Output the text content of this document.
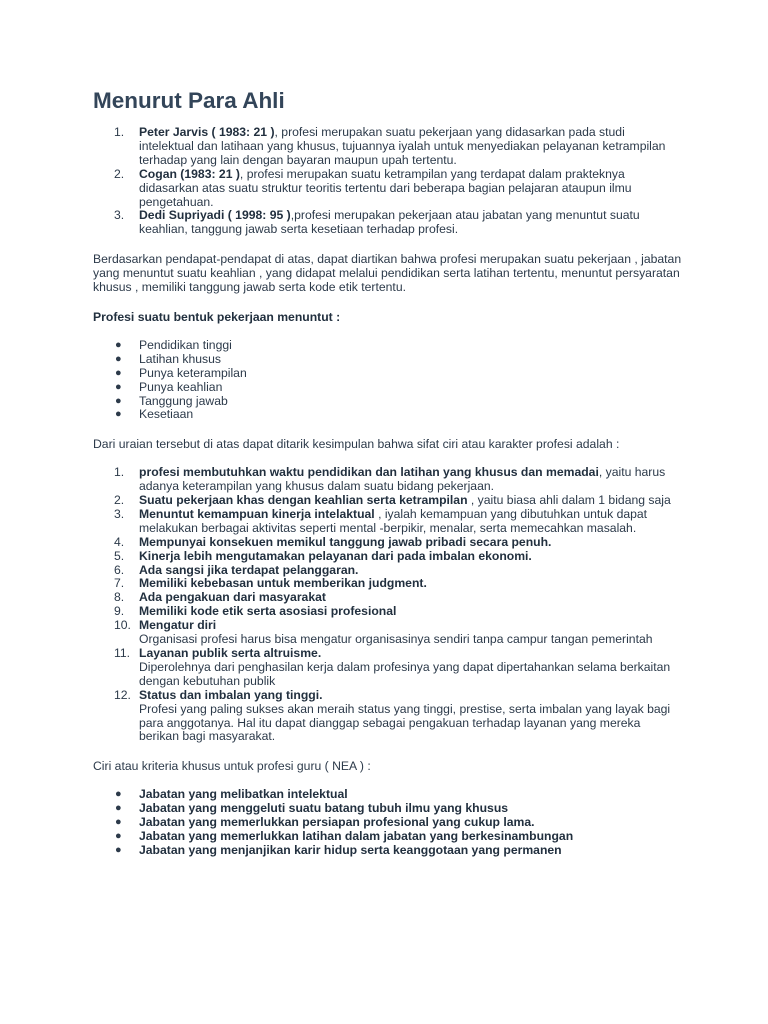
Menurut Para Ahli
1.	Peter Jarvis ( 1983: 21 ), profesi merupakan suatu pekerjaan yang didasarkan pada studi intelektual dan latihaan yang khusus, tujuannya iyalah untuk menyediakan pelayanan ketrampilan terhadap yang lain dengan bayaran maupun upah tertentu.
2.	Cogan (1983: 21 ), profesi merupakan suatu ketrampilan yang terdapat dalam prakteknya didasarkan atas suatu struktur teoritis tertentu dari beberapa bagian pelajaran ataupun ilmu pengetahuan.
3.	Dedi Supriyadi ( 1998: 95 ),profesi merupakan pekerjaan atau jabatan yang menuntut suatu keahlian, tanggung jawab serta kesetiaan terhadap profesi.

Berdasarkan pendapat-pendapat di atas, dapat diartikan bahwa profesi merupakan suatu pekerjaan , jabatan yang menuntut suatu keahlian , yang didapat melalui pendidikan serta latihan tertentu, menuntut persyaratan khusus , memiliki tanggung jawab serta kode etik tertentu.

Profesi suatu bentuk pekerjaan menuntut :

● Pendidikan tinggi
● Latihan khusus
● Punya keterampilan
● Punya keahlian
● Tanggung jawab
● Kesetiaan

Dari uraian tersebut di atas dapat ditarik kesimpulan bahwa sifat ciri atau karakter profesi adalah :

1.	profesi membutuhkan waktu pendidikan dan latihan yang khusus dan memadai, yaitu harus adanya keterampilan yang khusus dalam suatu bidang pekerjaan.
2.	Suatu pekerjaan khas dengan keahlian serta ketrampilan , yaitu biasa ahli dalam 1 bidang saja
3.	Menuntut kemampuan kinerja intelaktual , iyalah kemampuan yang dibutuhkan untuk dapat melakukan berbagai aktivitas seperti mental -berpikir, menalar, serta memecahkan masalah.
4.	Mempunyai konsekuen memikul tanggung jawab pribadi secara penuh.
5.	Kinerja lebih mengutamakan pelayanan dari pada imbalan ekonomi.
6.	Ada sangsi jika terdapat pelanggaran.
7.	Memiliki kebebasan untuk memberikan judgment.
8.	Ada pengakuan dari masyarakat
9.	Memiliki kode etik serta asosiasi profesional
10. Mengatur diri
Organisasi profesi harus bisa mengatur organisasinya sendiri tanpa campur tangan pemerintah
11. Layanan publik serta altruisme.
Diperolehnya dari penghasilan kerja dalam profesinya yang dapat dipertahankan selama berkaitan dengan kebutuhan publik
12. Status dan imbalan yang tinggi.
Profesi yang paling sukses akan meraih status yang tinggi, prestise, serta imbalan yang layak bagi para anggotanya. Hal itu dapat dianggap sebagai pengakuan terhadap layanan yang mereka berikan bagi masyarakat.

Ciri atau kriteria khusus untuk profesi guru ( NEA ) :

● Jabatan yang melibatkan intelektual
● Jabatan yang menggeluti suatu batang tubuh ilmu yang khusus
● Jabatan yang memerlukkan persiapan profesional yang cukup lama.
● Jabatan yang memerlukkan latihan dalam jabatan yang berkesinambungan
● Jabatan yang menjanjikan karir hidup serta keanggotaan yang permanen
